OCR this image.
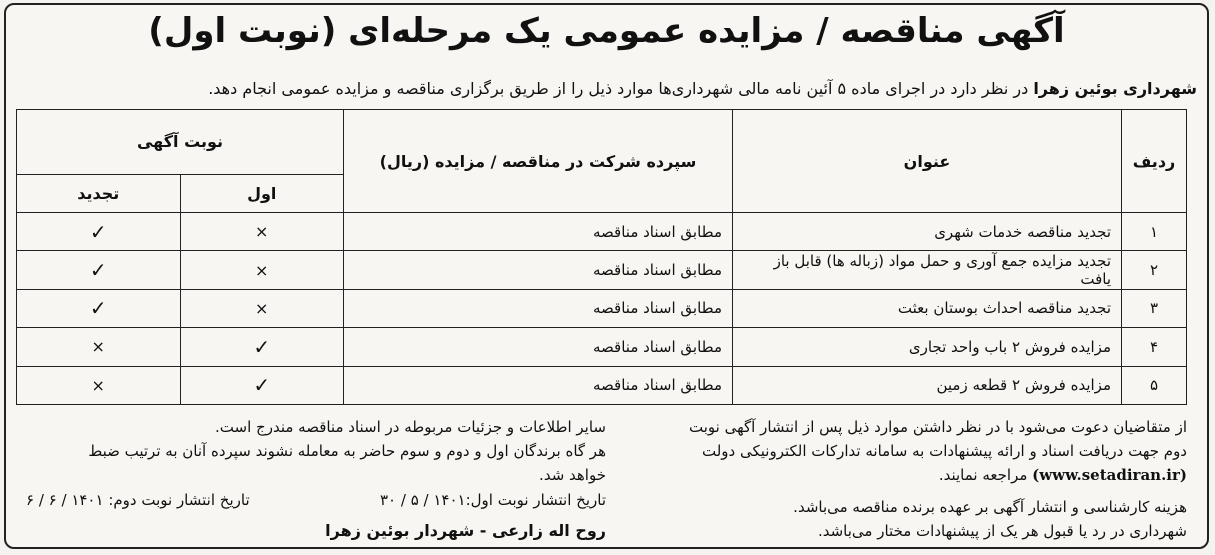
آگهی مناقصه / مزایده عمومی یک مرحله‌ای (نوبت اول)
شهرداری بوئین زهرا در نظر دارد در اجرای ماده ۵ آئین نامه مالی شهرداری‌ها موارد ذیل را از طریق برگزاری مناقصه و مزایده عمومی انجام دهد.
ردیف	عنوان	سپرده شرکت در مناقصه / مزایده (ریال)	نوبت آگهی	
			اول	تجدید
۱	تجدید مناقصه خدمات شهری	مطابق اسناد مناقصه	×	✓
۲	تجدید مزایده جمع آوری و حمل مواد (زباله ها) قابل باز یافت	مطابق اسناد مناقصه	×	✓
۳	تجدید مناقصه احداث بوستان بعثت	مطابق اسناد مناقصه	×	✓
۴	مزایده فروش ۲ باب واحد تجاری	مطابق اسناد مناقصه	✓	×
۵	مزایده فروش ۲ قطعه زمین	مطابق اسناد مناقصه	✓	×

از متقاضیان دعوت می‌شود با در نظر داشتن موارد ذیل پس از انتشار آگهی نوبت

دوم جهت دریافت اسناد و ارائه پیشنهادات به سامانه تدارکات الکترونیکی دولت

(www.setadiran.ir) مراجعه نمایند.

هزینه کارشناسی و انتشار آگهی بر عهده برنده مناقصه می‌باشد.

شهرداری در رد یا قبول هر یک از پیشنهادات مختار می‌باشد.

سایر اطلاعات و جزئیات مربوطه در اسناد مناقصه مندرج است.

هر گاه برندگان اول و دوم و سوم حاضر به معامله نشوند سپرده آنان به ترتیب ضبط

خواهد شد.

تاریخ انتشار نوبت اول:۱۴۰۱ / ۵ / ۳۰
تاریخ انتشار نوبت دوم: ۱۴۰۱ / ۶ / ۶
روح اله زارعی - شهردار بوئین زهرا
